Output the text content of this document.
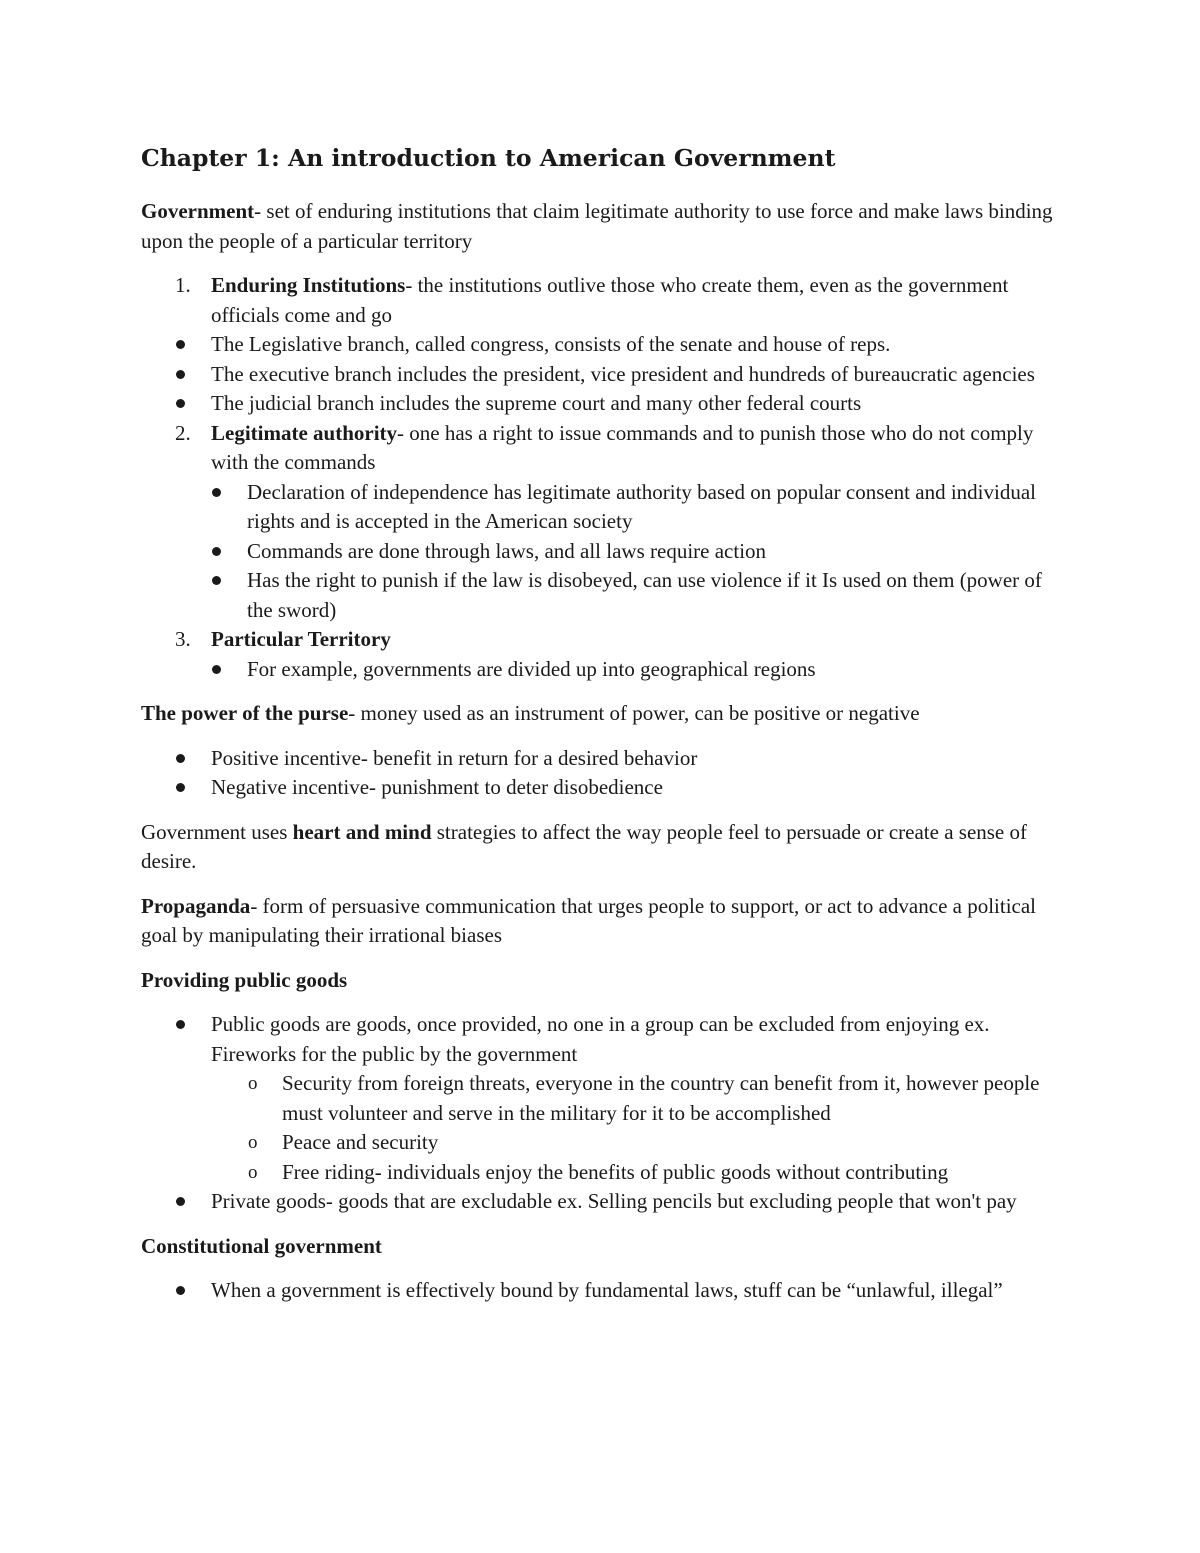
Chapter 1: An introduction to American Government

Government- set of enduring institutions that claim legitimate authority to use force and make laws binding upon the people of a particular territory

1. Enduring Institutions- the institutions outlive those who create them, even as the government officials come and go
The Legislative branch, called congress, consists of the senate and house of reps.
The executive branch includes the president, vice president and hundreds of bureaucratic agencies
The judicial branch includes the supreme court and many other federal courts
2. Legitimate authority- one has a right to issue commands and to punish those who do not comply with the commands
Declaration of independence has legitimate authority based on popular consent and individual rights and is accepted in the American society
Commands are done through laws, and all laws require action
Has the right to punish if the law is disobeyed, can use violence if it Is used on them (power of the sword)
3. Particular Territory
For example, governments are divided up into geographical regions

The power of the purse- money used as an instrument of power, can be positive or negative

Positive incentive- benefit in return for a desired behavior
Negative incentive- punishment to deter disobedience

Government uses heart and mind strategies to affect the way people feel to persuade or create a sense of desire.

Propaganda- form of persuasive communication that urges people to support, or act to advance a political goal by manipulating their irrational biases

Providing public goods
Public goods are goods, once provided, no one in a group can be excluded from enjoying ex. Fireworks for the public by the government
o Security from foreign threats, everyone in the country can benefit from it, however people must volunteer and serve in the military for it to be accomplished
o Peace and security
o Free riding- individuals enjoy the benefits of public goods without contributing
Private goods- goods that are excludable ex. Selling pencils but excluding people that won't pay
Constitutional government
When a government is effectively bound by fundamental laws, stuff can be “unlawful, illegal”
